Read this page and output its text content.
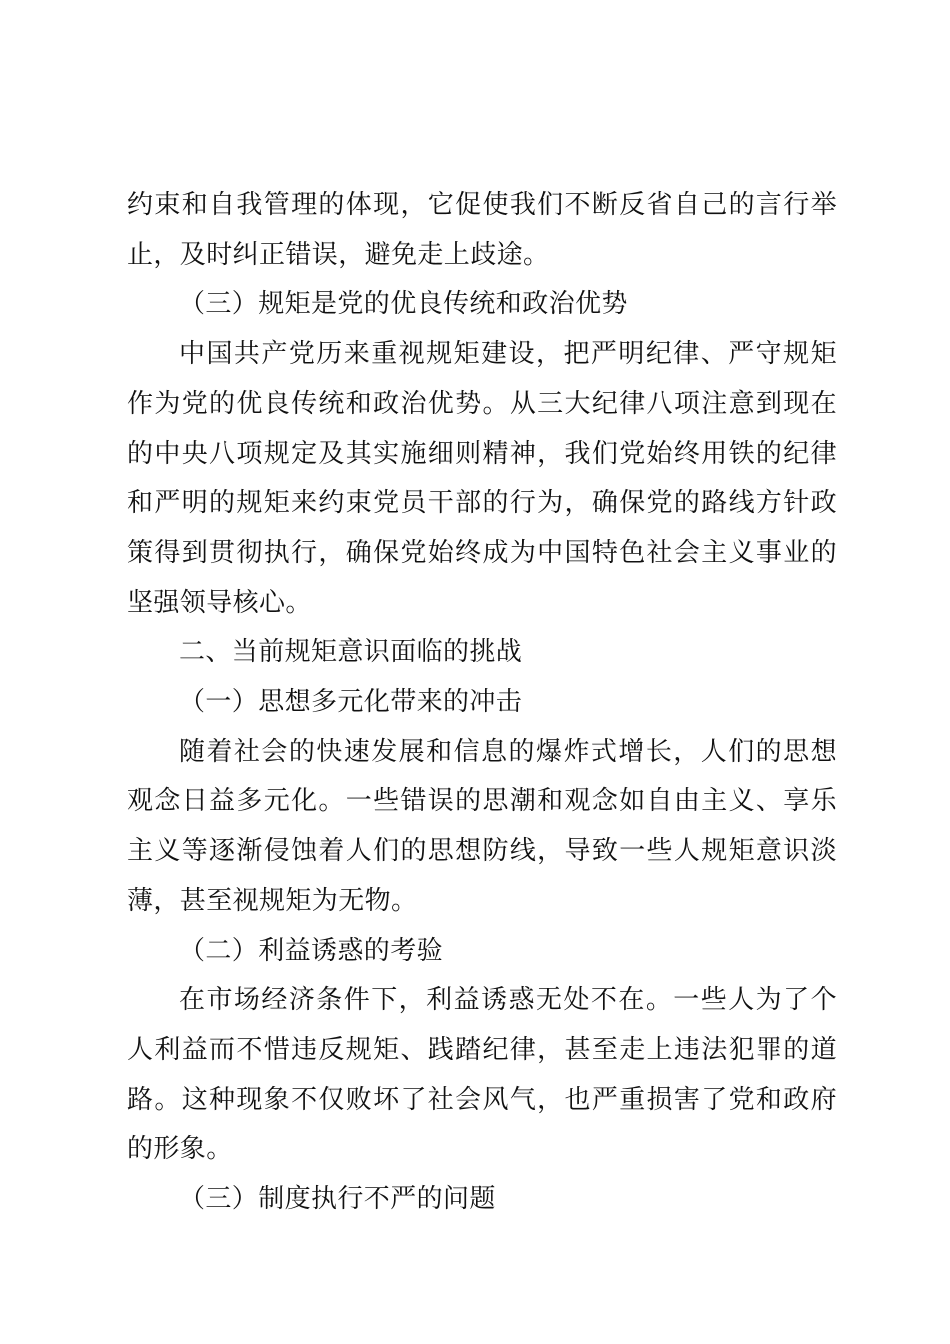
约束和自我管理的体现，它促使我们不断反省自己的言行举止，及时纠正错误，避免走上歧途。

（三）规矩是党的优良传统和政治优势

中国共产党历来重视规矩建设，把严明纪律、严守规矩作为党的优良传统和政治优势。从三大纪律八项注意到现在的中央八项规定及其实施细则精神，我们党始终用铁的纪律和严明的规矩来约束党员干部的行为，确保党的路线方针政策得到贯彻执行，确保党始终成为中国特色社会主义事业的坚强领导核心。

二、当前规矩意识面临的挑战

（一）思想多元化带来的冲击

随着社会的快速发展和信息的爆炸式增长，人们的思想观念日益多元化。一些错误的思潮和观念如自由主义、享乐主义等逐渐侵蚀着人们的思想防线，导致一些人规矩意识淡薄，甚至视规矩为无物。

（二）利益诱惑的考验

在市场经济条件下，利益诱惑无处不在。一些人为了个人利益而不惜违反规矩、践踏纪律，甚至走上违法犯罪的道路。这种现象不仅败坏了社会风气，也严重损害了党和政府的形象。

（三）制度执行不严的问题
